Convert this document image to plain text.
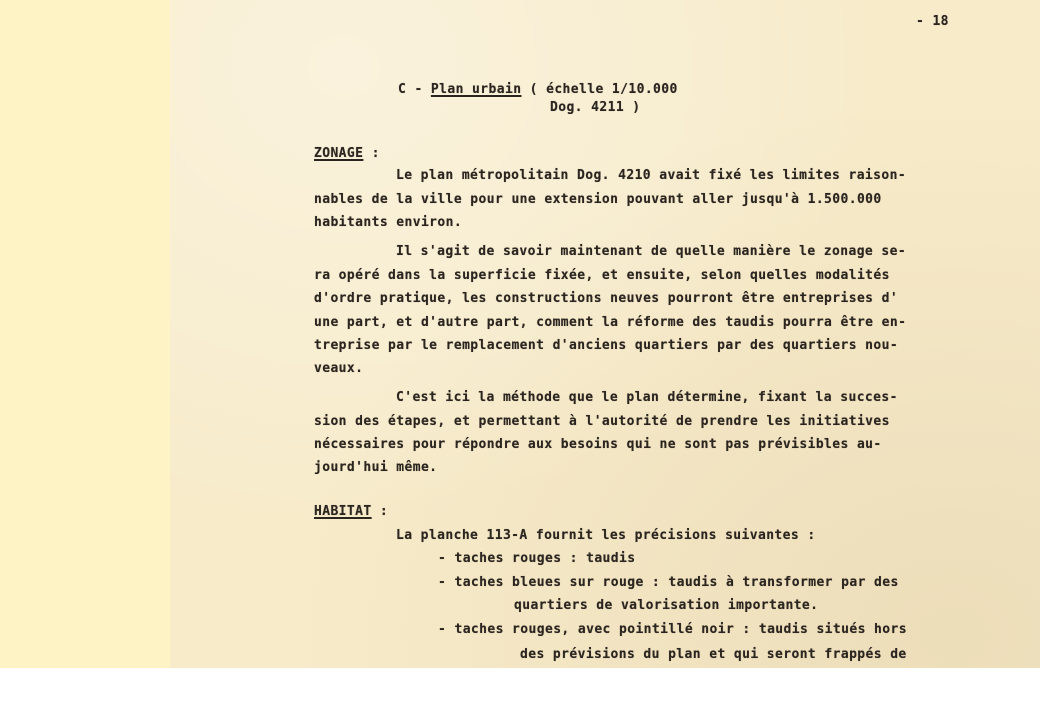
- 18
C - Plan urbain ( échelle 1/10.000
Dog. 4211 )
ZONAGE :
Le plan métropolitain Dog. 4210 avait fixé les limites raison-
nables de la ville pour une extension pouvant aller jusqu'à 1.500.000
habitants environ.
Il s'agit de savoir maintenant de quelle manière le zonage se-
ra opéré dans la superficie fixée, et ensuite, selon quelles modalités
d'ordre pratique, les constructions neuves pourront être entreprises d'
une part, et d'autre part, comment la réforme des taudis pourra être en-
treprise par le remplacement d'anciens quartiers par des quartiers nou-
veaux.
C'est ici la méthode que le plan détermine, fixant la succes-
sion des étapes, et permettant à l'autorité de prendre les initiatives
nécessaires pour répondre aux besoins qui ne sont pas prévisibles au-
jourd'hui même.
HABITAT :
La planche 113-A fournit les précisions suivantes :
- taches rouges : taudis
- taches bleues sur rouge : taudis à transformer par des
quartiers de valorisation importante.
- taches rouges, avec pointillé noir : taudis situés hors
des prévisions du plan et qui seront frappés de
